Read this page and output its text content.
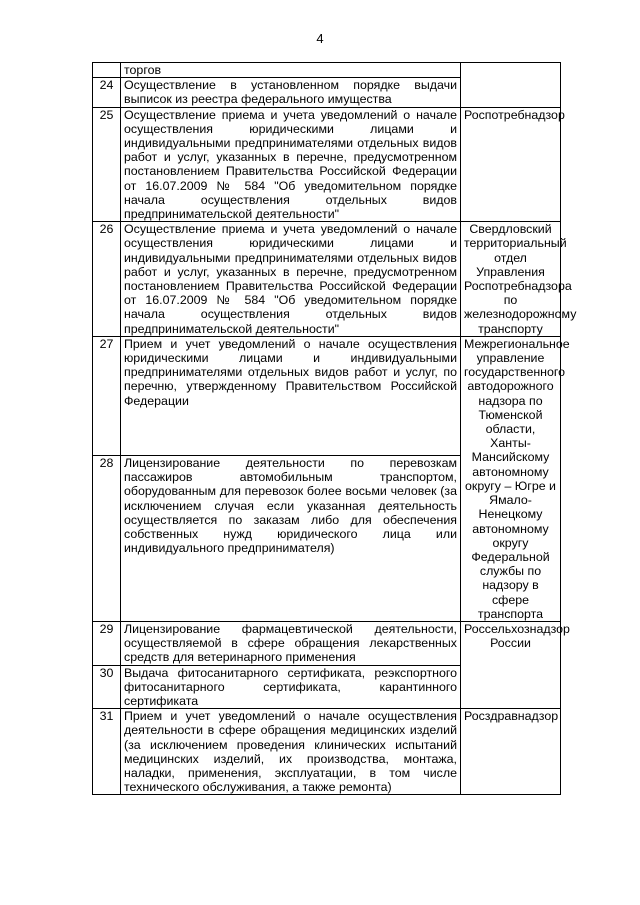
4
	торгов	
24	Осуществление в установленном порядке выдачи выписок из реестра федерального имущества	
25	Осуществление приема и учета уведомлений о начале осуществления юридическими лицами и индивидуальными предпринимателями отдельных видов работ и услуг, указанных в перечне, предусмотренном постановлением Правительства Российской Федерации от 16.07.2009 № 584 "Об уведомительном порядке начала осуществления отдельных видов предпринимательской деятельности"	Роспотребнадзор
26	Осуществление приема и учета уведомлений о начале осуществления юридическими лицами и индивидуальными предпринимателями отдельных видов работ и услуг, указанных в перечне, предусмотренном постановлением Правительства Российской Федерации от 16.07.2009 № 584 "Об уведомительном порядке начала осуществления отдельных видов предпринимательской деятельности"	Свердловский территориальный отдел Управления Роспотребнадзора по железнодорожному транспорту
27	Прием и учет уведомлений о начале осуществления юридическими лицами и индивидуальными предпринимателями отдельных видов работ и услуг, по перечню, утвержденному Правительством Российской Федерации	Межрегиональное управление государственного автодорожного надзора по Тюменской области, Ханты-Мансийскому автономному округу – Югре и Ямало-Ненецкому автономному округу Федеральной службы по надзору в сфере транспорта
28	Лицензирование деятельности по перевозкам пассажиров автомобильным транспортом, оборудованным для перевозок более восьми человек (за исключением случая если указанная деятельность осуществляется по заказам либо для обеспечения собственных нужд юридического лица или индивидуального предпринимателя)	
29	Лицензирование фармацевтической деятельности, осуществляемой в сфере обращения лекарственных средств для ветеринарного применения	Россельхознадзор России
30	Выдача фитосанитарного сертификата, реэкспортного фитосанитарного сертификата, карантинного сертификата	
31	Прием и учет уведомлений о начале осуществления деятельности в сфере обращения медицинских изделий (за исключением проведения клинических испытаний медицинских изделий, их производства, монтажа, наладки, применения, эксплуатации, в том числе технического обслуживания, а также ремонта)	Росздравнадзор
